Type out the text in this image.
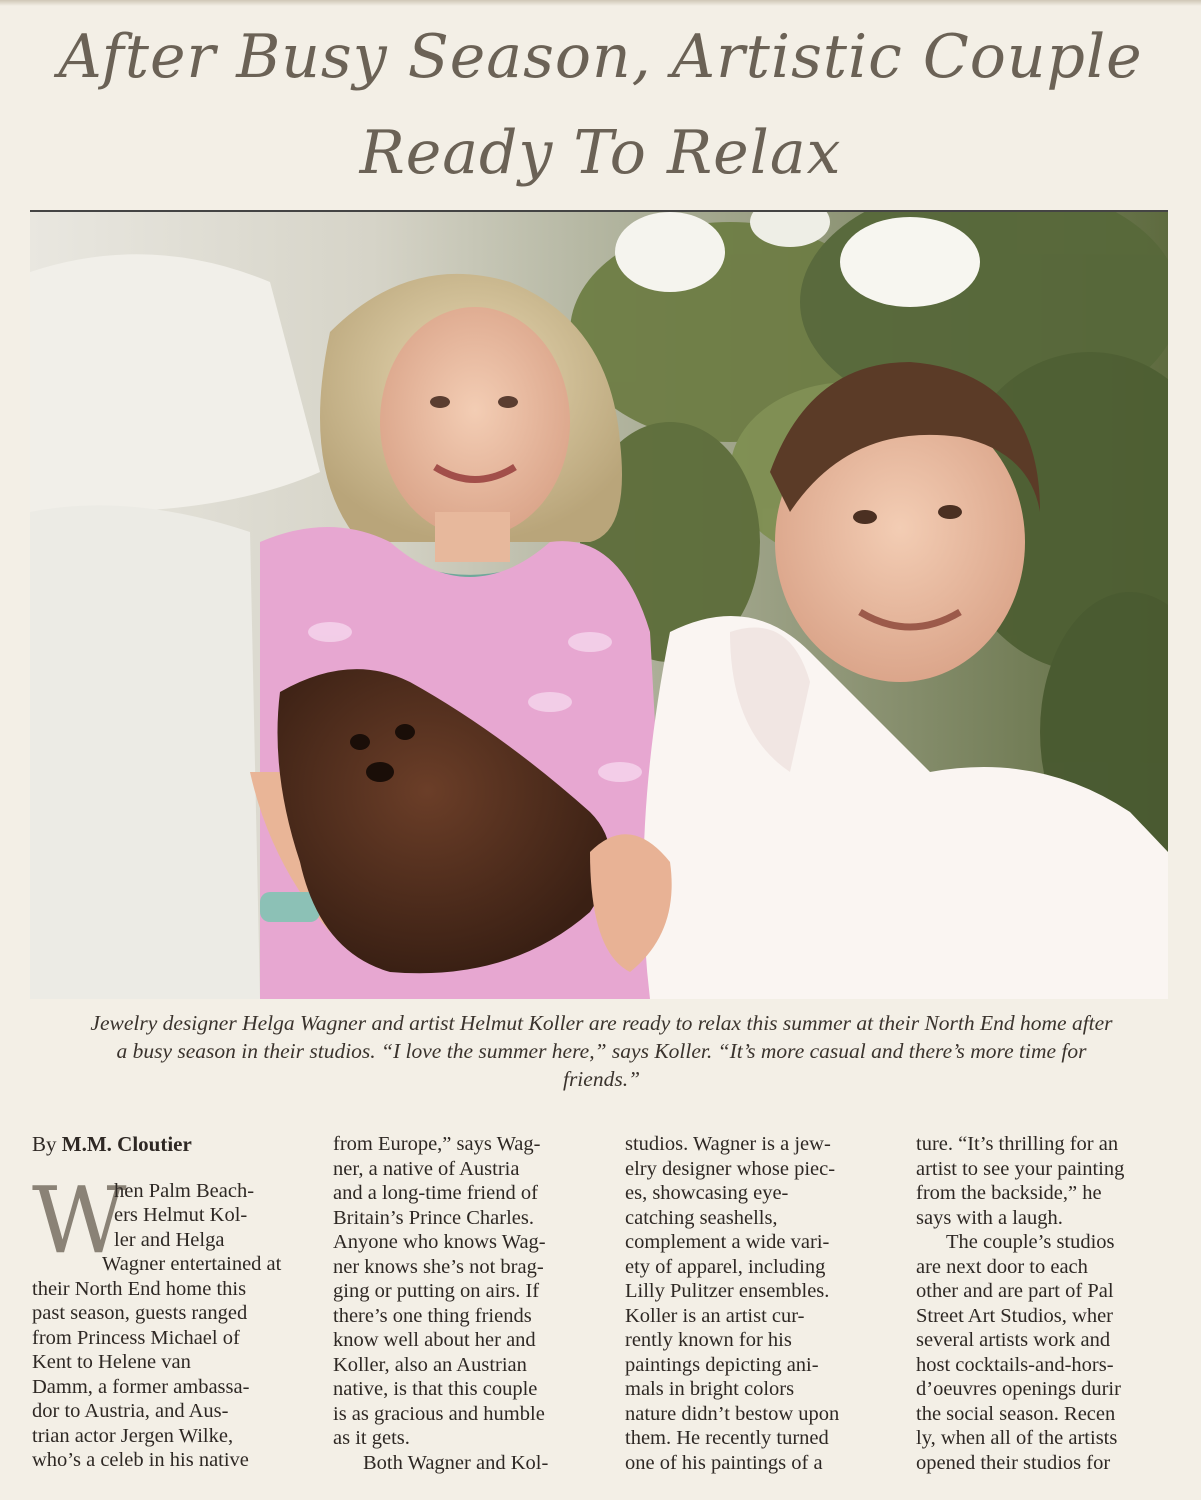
After Busy Season, Artistic Couple
Ready To Relax
Jewelry designer Helga Wagner and artist Helmut Koller are ready to relax this summer at their North End home after
a busy season in their studios. “I love the summer here,” says Koller. “It’s more casual and there’s more time for
friends.”
By M.M. Cloutier
W
hen Palm Beach-
ers Helmut Kol-
ler and Helga
Wagner entertained at
their North End home this
past season, guests ranged
from Princess Michael of
Kent to Helene van
Damm, a former ambassa-
dor to Austria, and Aus-
trian actor Jergen Wilke,
who’s a celeb in his native
from Europe,” says Wag-
ner, a native of Austria
and a long-time friend of
Britain’s Prince Charles.
Anyone who knows Wag-
ner knows she’s not brag-
ging or putting on airs. If
there’s one thing friends
know well about her and
Koller, also an Austrian
native, is that this couple
is as gracious and humble
as it gets.
Both Wagner and Kol-
studios. Wagner is a jew-
elry designer whose piec-
es, showcasing eye-
catching seashells,
complement a wide vari-
ety of apparel, including
Lilly Pulitzer ensembles.
Koller is an artist cur-
rently known for his
paintings depicting ani-
mals in bright colors
nature didn’t bestow upon
them. He recently turned
one of his paintings of a
ture. “It’s thrilling for an
artist to see your painting
from the backside,” he
says with a laugh.
The couple’s studios
are next door to each
other and are part of Pal
Street Art Studios, wher
several artists work and
host cocktails-and-hors-
d’oeuvres openings durir
the social season. Recen
ly, when all of the artists
opened their studios for
